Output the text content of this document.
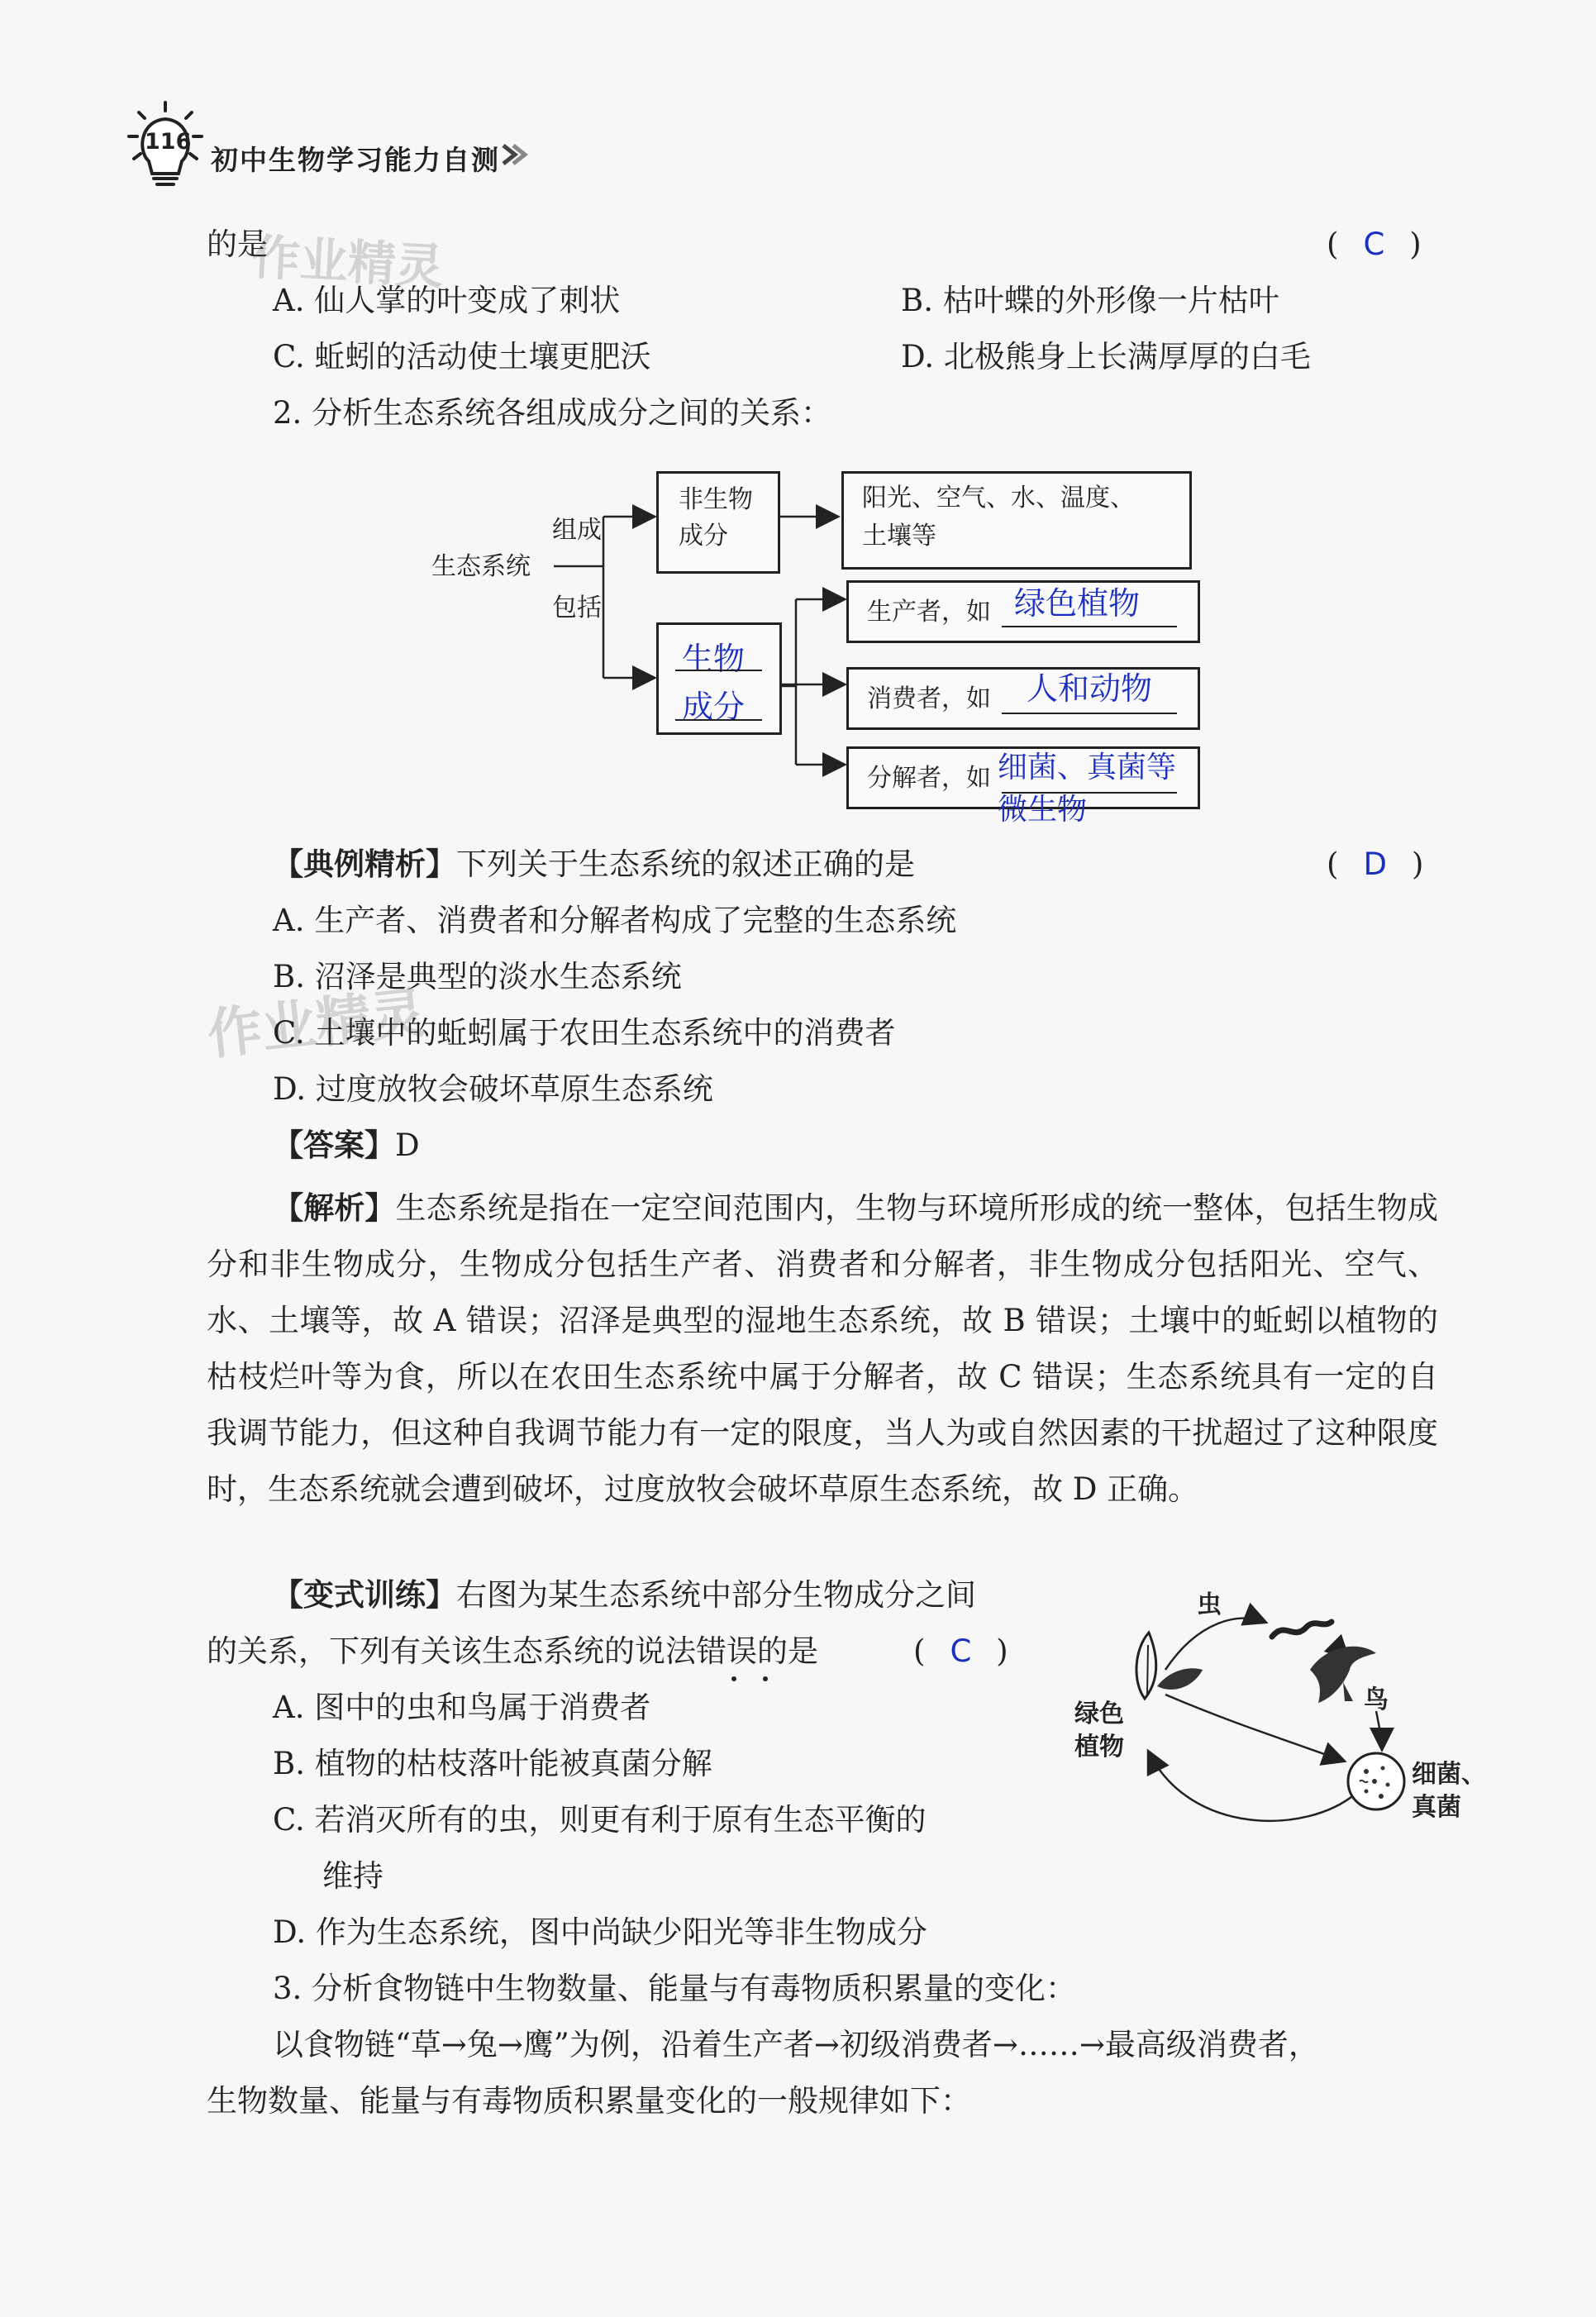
116
初中生物学习能力自测
的是
作业精灵	( C )
A. 仙人掌的叶变成了刺状	B. 枯叶蝶的外形像一片枯叶
C. 蚯蚓的活动使土壤更肥沃	D. 北极熊身上长满厚厚的白毛
2. 分析生态系统各组成成分之间的关系：
生态系统
组成
包括
非生物
成分
阳光、空气、水、温度、
土壤等
生物
成分
生产者，如 绿色植物
消费者，如 人和动物
分解者，如 细菌、真菌等微生物
【典例精析】下列关于生态系统的叙述正确的是	( D )
A. 生产者、消费者和分解者构成了完整的生态系统
B. 沼泽是典型的淡水生态系统
作业精灵
C. 土壤中的蚯蚓属于农田生态系统中的消费者
D. 过度放牧会破坏草原生态系统
【答案】D
【解析】生态系统是指在一定空间范围内，生物与环境所形成的统一整体，包括生物成分和非生物成分，生物成分包括生产者、消费者和分解者，非生物成分包括阳光、空气、水、土壤等，故 A 错误；沼泽是典型的湿地生态系统，故 B 错误；土壤中的蚯蚓以植物的枯枝烂叶等为食，所以在农田生态系统中属于分解者，故 C 错误；生态系统具有一定的自我调节能力，但这种自我调节能力有一定的限度，当人为或自然因素的干扰超过了这种限度时，生态系统就会遭到破坏，过度放牧会破坏草原生态系统，故 D 正确。
【变式训练】右图为某生态系统中部分生物成分之间
的关系，下列有关该生态系统的说法错误的是	( C )
A. 图中的虫和鸟属于消费者
B. 植物的枯枝落叶能被真菌分解
C. 若消灭所有的虫，则更有利于原有生态平衡的
维持
D. 作为生态系统，图中尚缺少阳光等非生物成分
虫
鸟
绿色
植物
细菌、
真菌
3. 分析食物链中生物数量、能量与有毒物质积累量的变化：
以食物链“草→兔→鹰”为例，沿着生产者→初级消费者→……→最高级消费者，
生物数量、能量与有毒物质积累量变化的一般规律如下：
